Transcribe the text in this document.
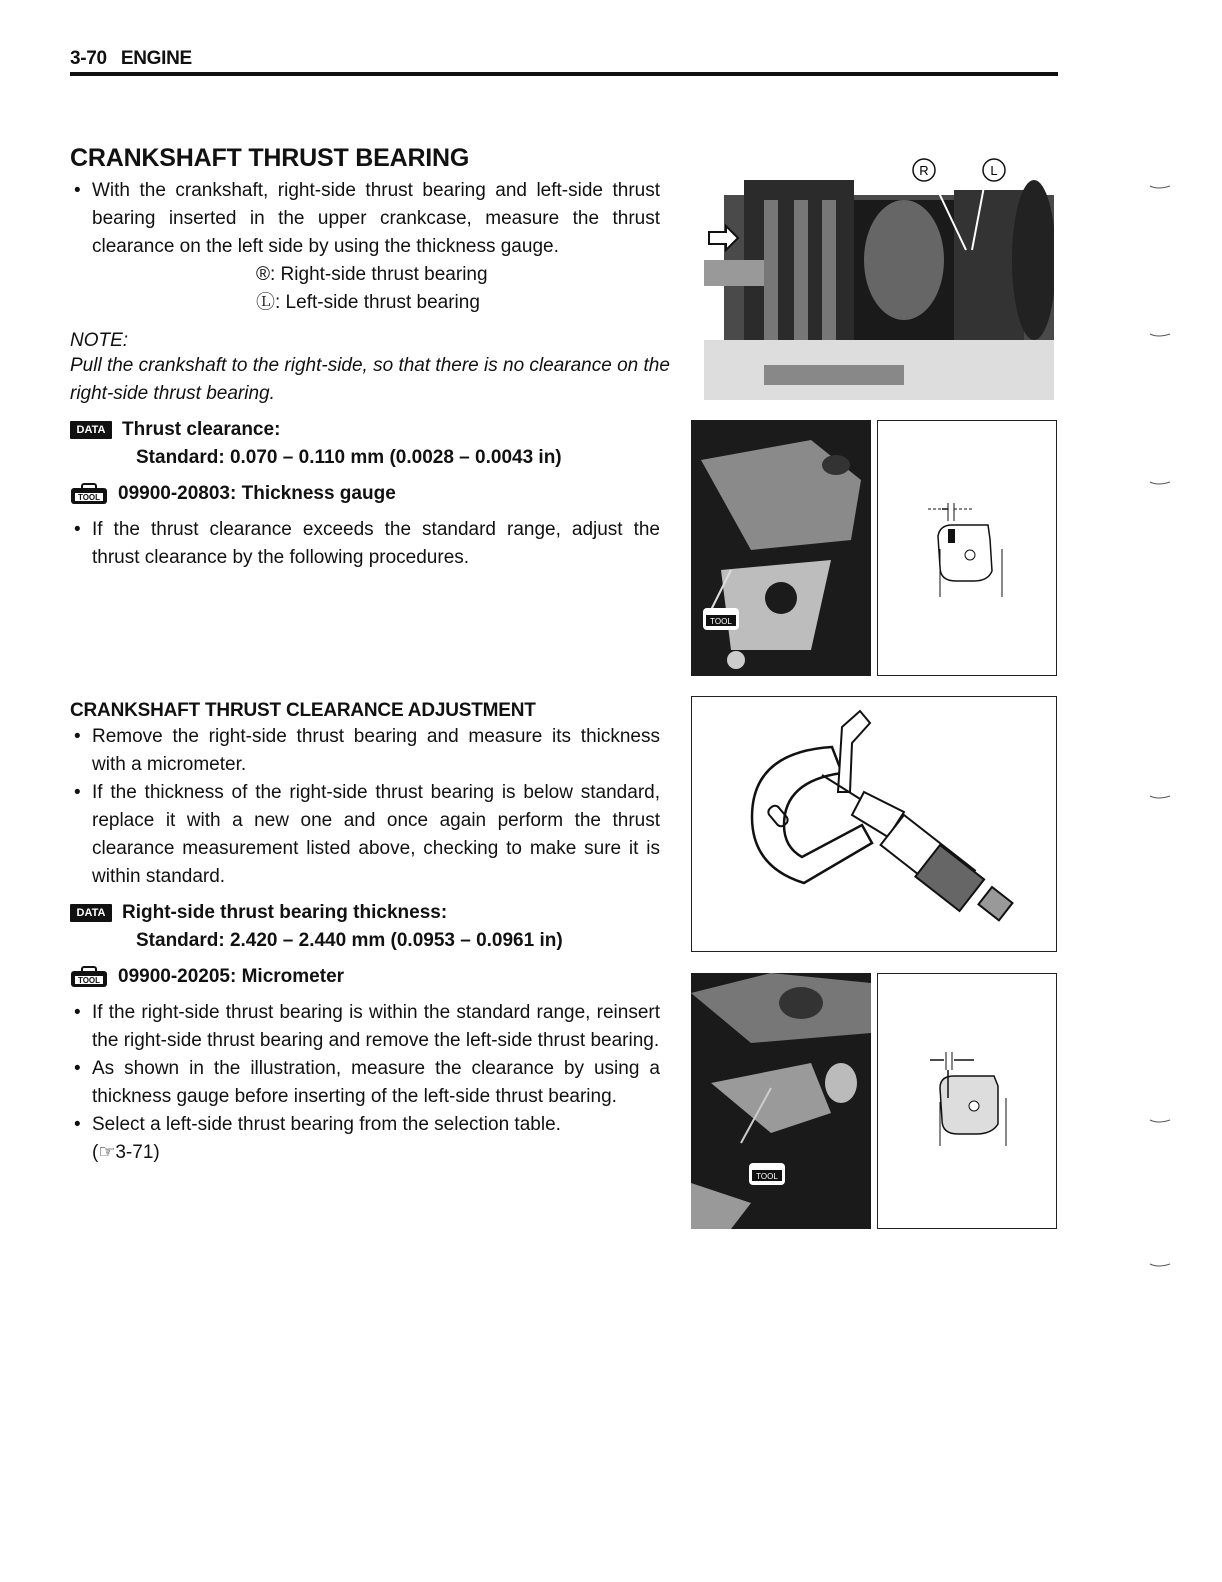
3-70 ENGINE
CRANKSHAFT THRUST BEARING
• With the crankshaft, right-side thrust bearing and left-side thrust bearing inserted in the upper crankcase, measure the thrust clearance on the left side by using the thickness gauge.
®: Right-side thrust bearing
Ⓛ: Left-side thrust bearing
NOTE:
Pull the crankshaft to the right-side, so that there is no clearance on the right-side thrust bearing.
DATA Thrust clearance:
Standard: 0.070 – 0.110 mm (0.0028 – 0.0043 in)
TOOL 09900-20803: Thickness gauge
• If the thrust clearance exceeds the standard range, adjust the thrust clearance by the following procedures.
CRANKSHAFT THRUST CLEARANCE ADJUSTMENT
• Remove the right-side thrust bearing and measure its thickness with a micrometer.
• If the thickness of the right-side thrust bearing is below standard, replace it with a new one and once again perform the thrust clearance measurement listed above, checking to make sure it is within standard.
DATA Right-side thrust bearing thickness:
Standard: 2.420 – 2.440 mm (0.0953 – 0.0961 in)
TOOL 09900-20205: Micrometer
• If the right-side thrust bearing is within the standard range, reinsert the right-side thrust bearing and remove the left-side thrust bearing.
• As shown in the illustration, measure the clearance by using a thickness gauge before inserting of the left-side thrust bearing.
• Select a left-side thrust bearing from the selection table.
(☞3-71)
R	L
TOOL
TOOL
